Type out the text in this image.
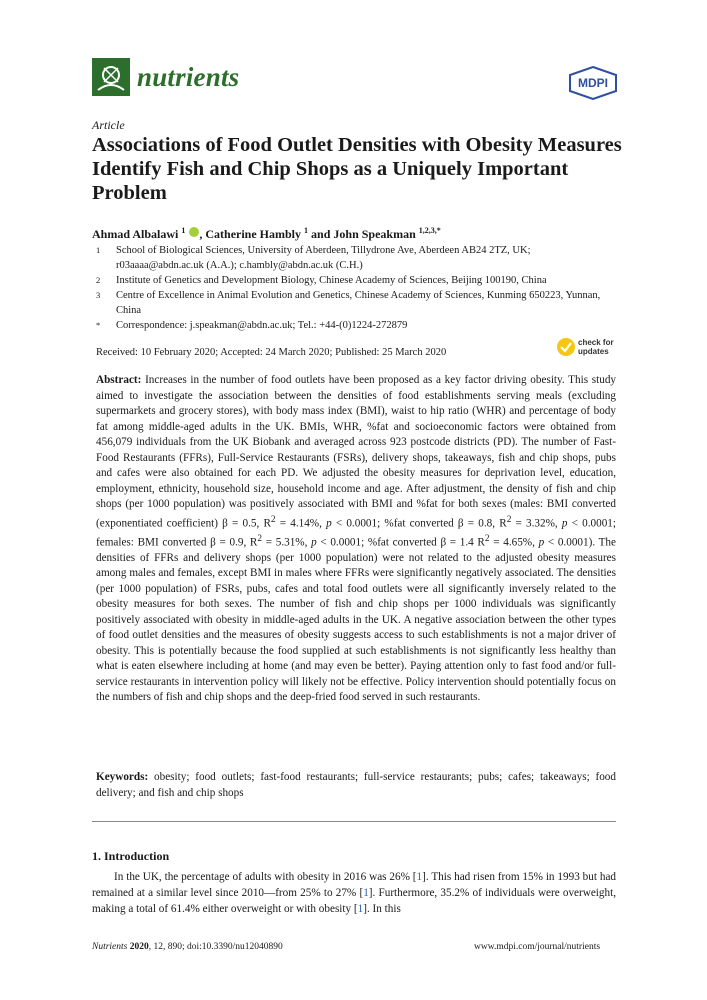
nutrients	MDPI
Article
Associations of Food Outlet Densities with Obesity Measures Identify Fish and Chip Shops as a Uniquely Important Problem
Ahmad Albalawi $^1$ , Catherine Hambly $^1$ and John Speakman $^{1,2,3,*}$
1 School of Biological Sciences, University of Aberdeen, Tillydrone Ave, Aberdeen AB24 2TZ, UK; r03aaaa@abdn.ac.uk (A.A.); c.hambly@abdn.ac.uk (C.H.)
2 Institute of Genetics and Development Biology, Chinese Academy of Sciences, Beijing 100190, China
3 Centre of Excellence in Animal Evolution and Genetics, Chinese Academy of Sciences, Kunming 650223, Yunnan, China
* Correspondence: j.speakman@abdn.ac.uk; Tel.: +44-(0)1224-272879
Received: 10 February 2020; Accepted: 24 March 2020; Published: 25 March 2020
check for
updates
Abstract: Increases in the number of food outlets have been proposed as a key factor driving obesity. This study aimed to investigate the association between the densities of food establishments serving meals (excluding supermarkets and grocery stores), with body mass index (BMI), waist to hip ratio (WHR) and percentage of body fat among middle-aged adults in the UK. BMIs, WHR, %fat and socioeconomic factors were obtained from 456,079 individuals from the UK Biobank and averaged across 923 postcode districts (PD). The number of Fast-Food Restaurants (FFRs), Full-Service Restaurants (FSRs), delivery shops, takeaways, fish and chip shops, pubs and cafes were also obtained for each PD. We adjusted the obesity measures for deprivation level, education, employment, ethnicity, household size, household income and age. After adjustment, the density of fish and chip shops (per 1000 population) was positively associated with BMI and %fat for both sexes (males: BMI converted (exponentiated coefficient) β = 0.5, $R^2 = 4.14\%$, p < 0.0001; %fat converted β = 0.8, $R^2 = 3.32\%$, p < 0.0001; females: BMI converted β = 0.9, $R^2 = 5.31\%$, p < 0.0001; %fat converted β = 1.4 $R^2 = 4.65\%$, p < 0.0001). The densities of FFRs and delivery shops (per 1000 population) were not related to the adjusted obesity measures among males and females, except BMI in males where FFRs were significantly negatively associated. The densities (per 1000 population) of FSRs, pubs, cafes and total food outlets were all significantly inversely related to the obesity measures for both sexes. The number of fish and chip shops per 1000 individuals was significantly positively associated with obesity in middle-aged adults in the UK. A negative association between the other types of food outlet densities and the measures of obesity suggests access to such establishments is not a major driver of obesity. This is potentially because the food supplied at such establishments is not significantly less healthy than what is eaten elsewhere including at home (and may even be better). Paying attention only to fast food and/or full-service restaurants in intervention policy will likely not be effective. Policy intervention should potentially focus on the numbers of fish and chip shops and the deep-fried food served in such restaurants.
Keywords: obesity; food outlets; fast-food restaurants; full-service restaurants; pubs; cafes; takeaways; food delivery; and fish and chip shops
1. Introduction
In the UK, the percentage of adults with obesity in 2016 was 26% [1]. This had risen from 15% in 1993 but had remained at a similar level since 2010—from 25% to 27% [1]. Furthermore, 35.2% of individuals were overweight, making a total of 61.4% either overweight or with obesity [1]. In this
Nutrients 2020, 12, 890; doi:10.3390/nu12040890	www.mdpi.com/journal/nutrients
